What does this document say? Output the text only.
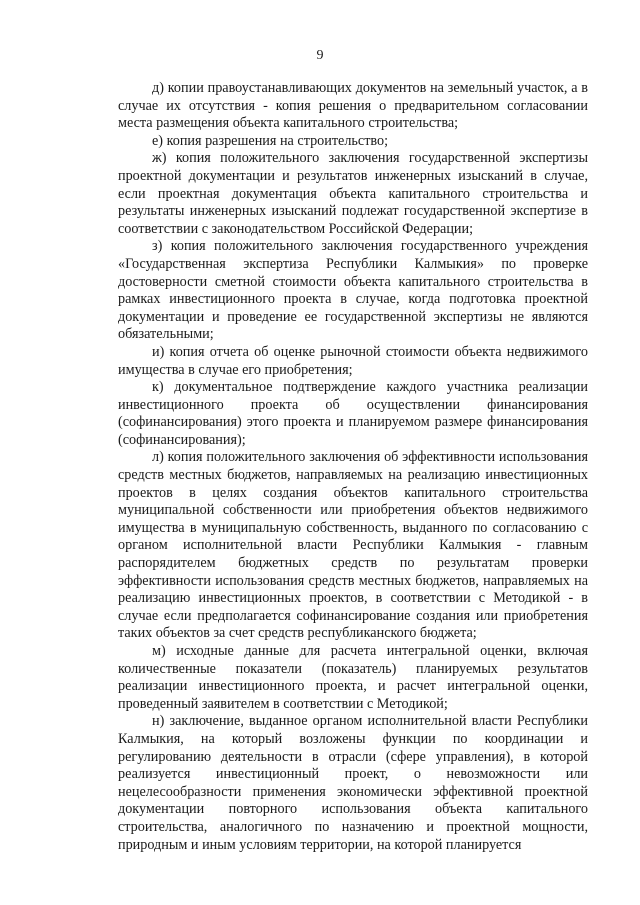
9

д) копии правоустанавливающих документов на земельный участок, а в случае их отсутствия - копия решения о предварительном согласовании места размещения объекта капитального строительства;

е) копия разрешения на строительство;

ж) копия положительного заключения государственной экспертизы проектной документации и результатов инженерных изысканий в случае, если проектная документация объекта капитального строительства и результаты инженерных изысканий подлежат государственной экспертизе в соответствии с законодательством Российской Федерации;

з) копия положительного заключения государственного учреждения «Государственная экспертиза Республики Калмыкия» по проверке достоверности сметной стоимости объекта капитального строительства в рамках инвестиционного проекта в случае, когда подготовка проектной документации и проведение ее государственной экспертизы не являются обязательными;

и) копия отчета об оценке рыночной стоимости объекта недвижимого имущества в случае его приобретения;

к) документальное подтверждение каждого участника реализации инвестиционного проекта об осуществлении финансирования (софинансирования) этого проекта и планируемом размере финансирования (софинансирования);

л) копия положительного заключения об эффективности использования средств местных бюджетов, направляемых на реализацию инвестиционных проектов в целях создания объектов капитального строительства муниципальной собственности или приобретения объектов недвижимого имущества в муниципальную собственность, выданного по согласованию с органом исполнительной власти Республики Калмыкия - главным распорядителем бюджетных средств по результатам проверки эффективности использования средств местных бюджетов, направляемых на реализацию инвестиционных проектов, в соответствии с Методикой - в случае если предполагается софинансирование создания или приобретения таких объектов за счет средств республиканского бюджета;

м) исходные данные для расчета интегральной оценки, включая количественные показатели (показатель) планируемых результатов реализации инвестиционного проекта, и расчет интегральной оценки, проведенный заявителем в соответствии с Методикой;

н) заключение, выданное органом исполнительной власти Республики Калмыкия, на который возложены функции по координации и регулированию деятельности в отрасли (сфере управления), в которой реализуется инвестиционный проект, о невозможности или нецелесообразности применения экономически эффективной проектной документации повторного использования объекта капитального строительства, аналогичного по назначению и проектной мощности, природным и иным условиям территории, на которой планируется
